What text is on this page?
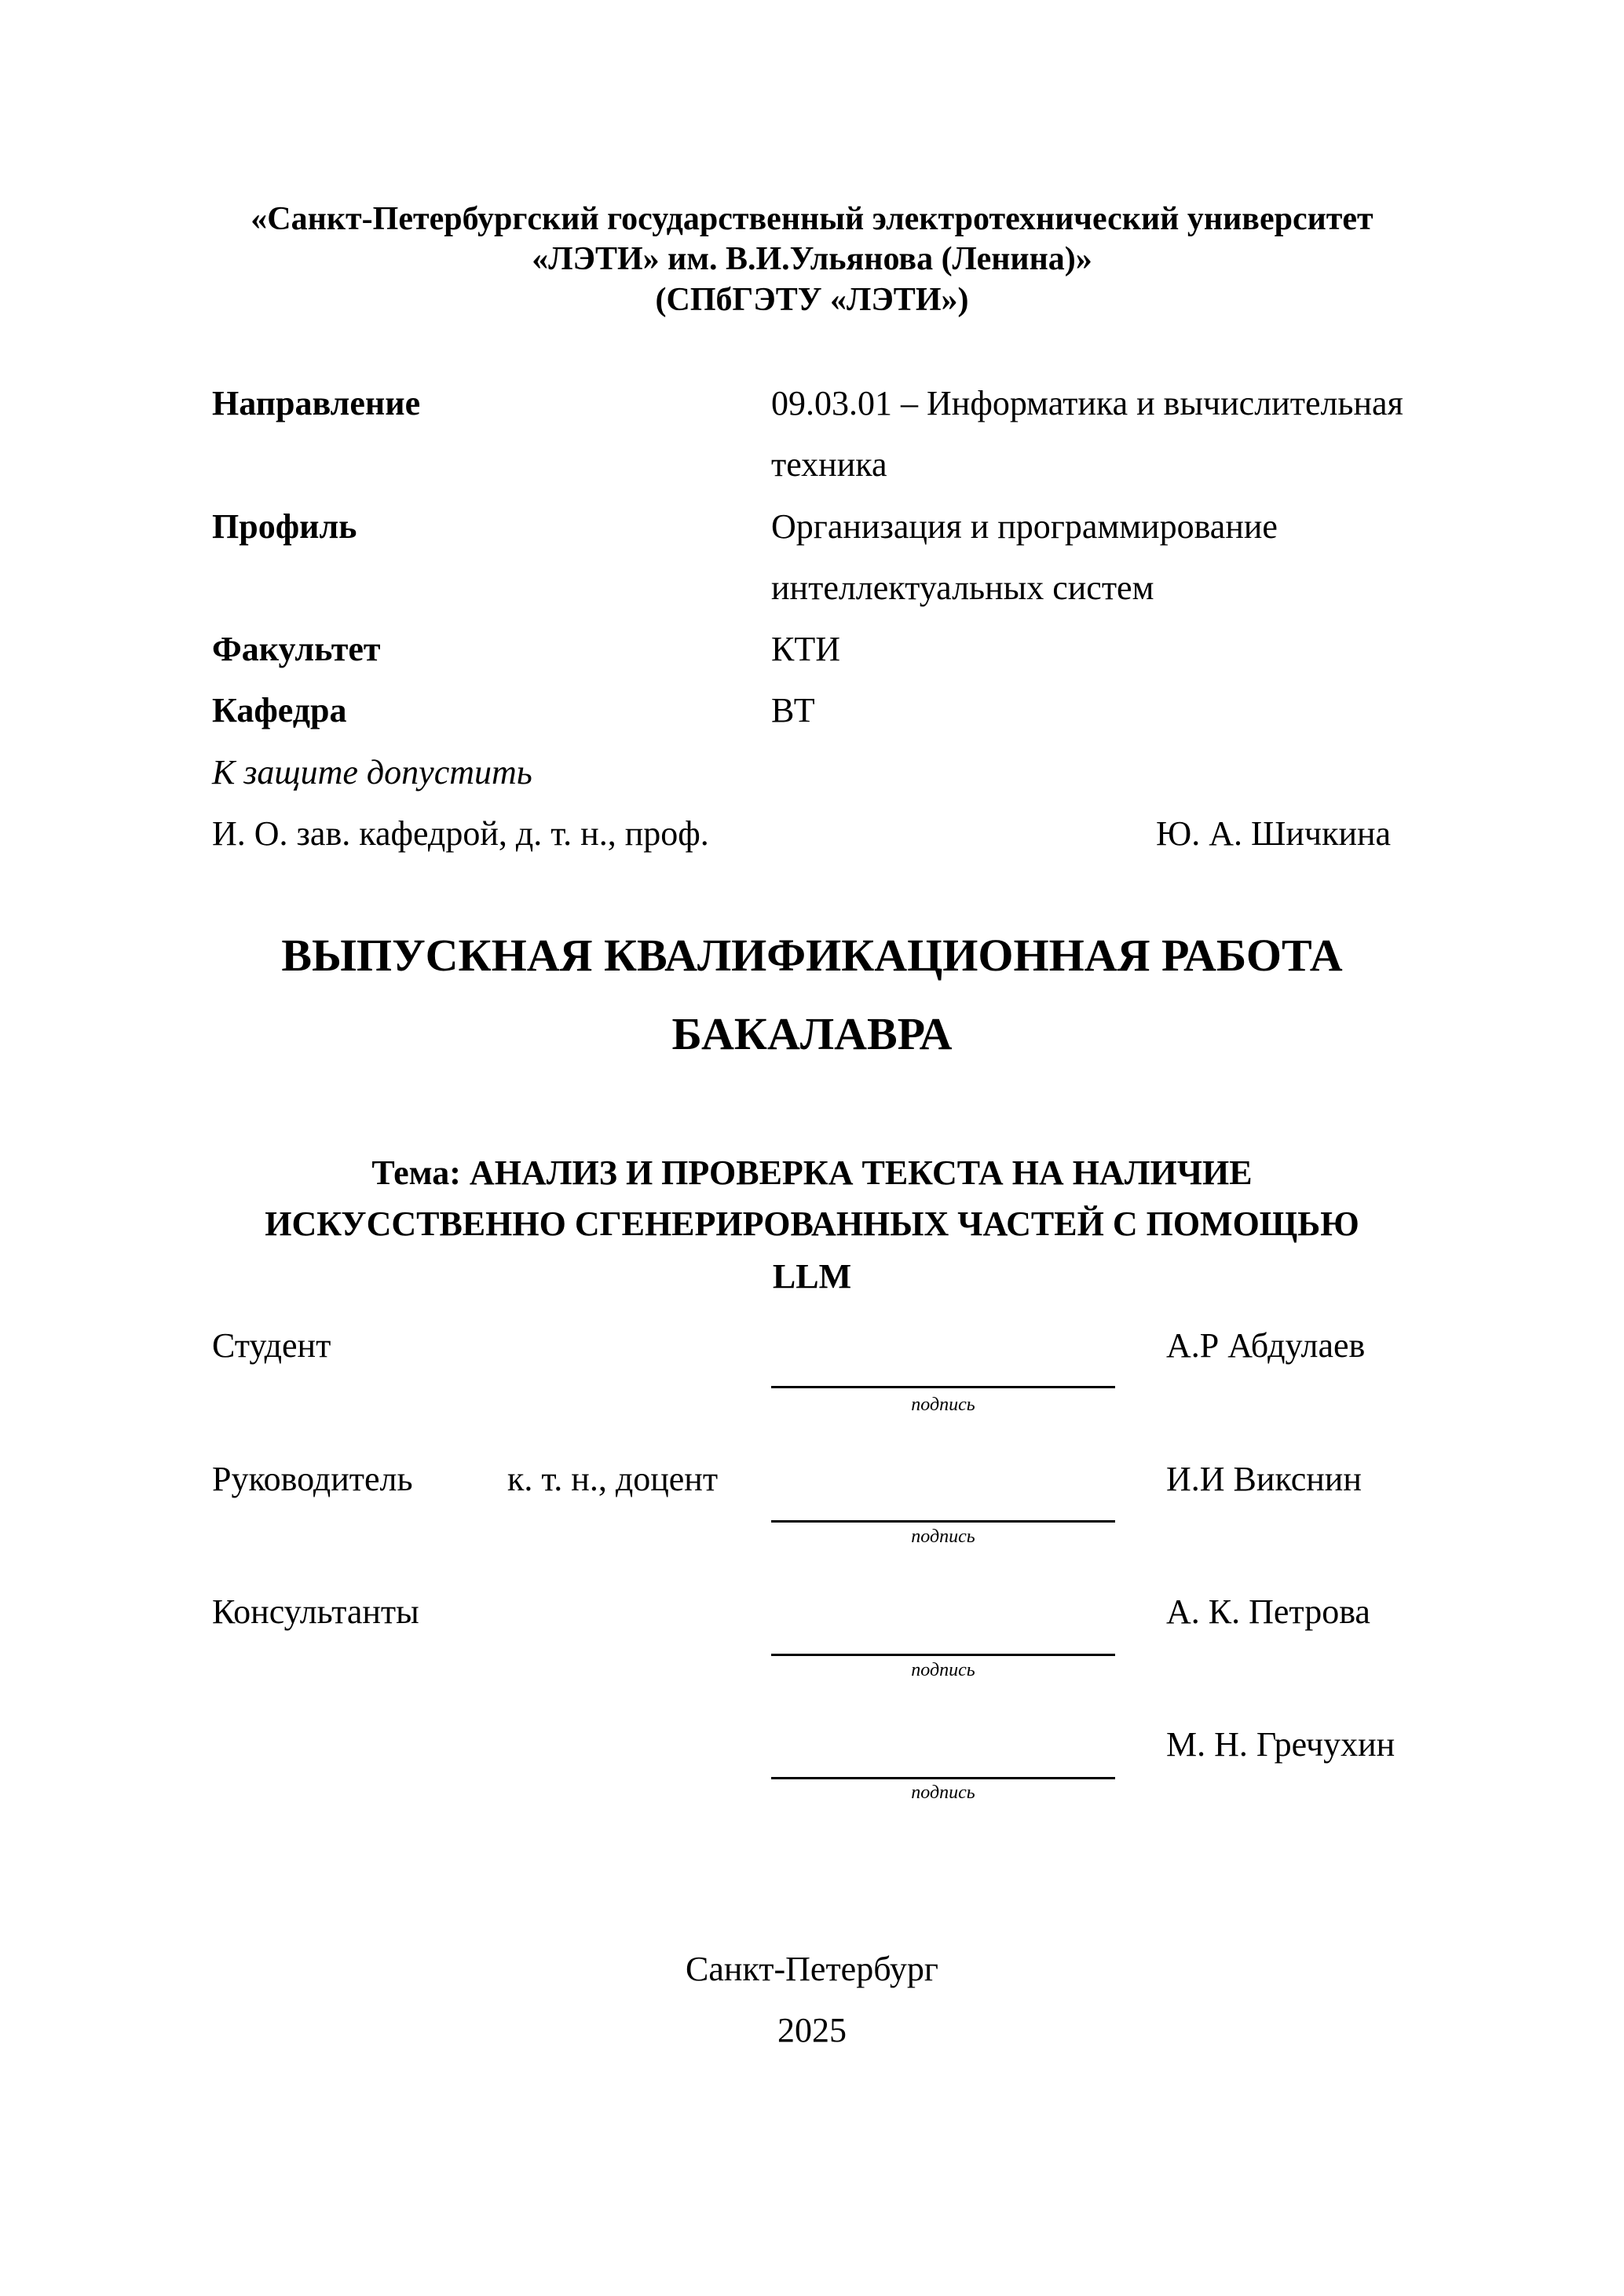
«Санкт-Петербургский государственный электротехнический университет
«ЛЭТИ» им. В.И.Ульянова (Ленина)»
(СПбГЭТУ «ЛЭТИ»)
Направление	09.03.01 – Информатика и вычислительная
техника
Профиль	Организация и программирование
интеллектуальных систем
Факультет	КТИ
Кафедра	ВТ
К защите допустить
И. О. зав. кафедрой, д. т. н., проф.	Ю. А. Шичкина
ВЫПУСКНАЯ КВАЛИФИКАЦИОННАЯ РАБОТА
БАКАЛАВРА
Тема: АНАЛИЗ И ПРОВЕРКА ТЕКСТА НА НАЛИЧИЕ
ИСКУССТВЕННО СГЕНЕРИРОВАННЫХ ЧАСТЕЙ С ПОМОЩЬЮ
LLM
Студент	А.Р Абдулаев
подпись
Руководитель	к. т. н., доцент	И.И Викснин
подпись
Консультанты	А. К. Петрова
подпись
М. Н. Гречухин
подпись
Санкт-Петербург
2025
